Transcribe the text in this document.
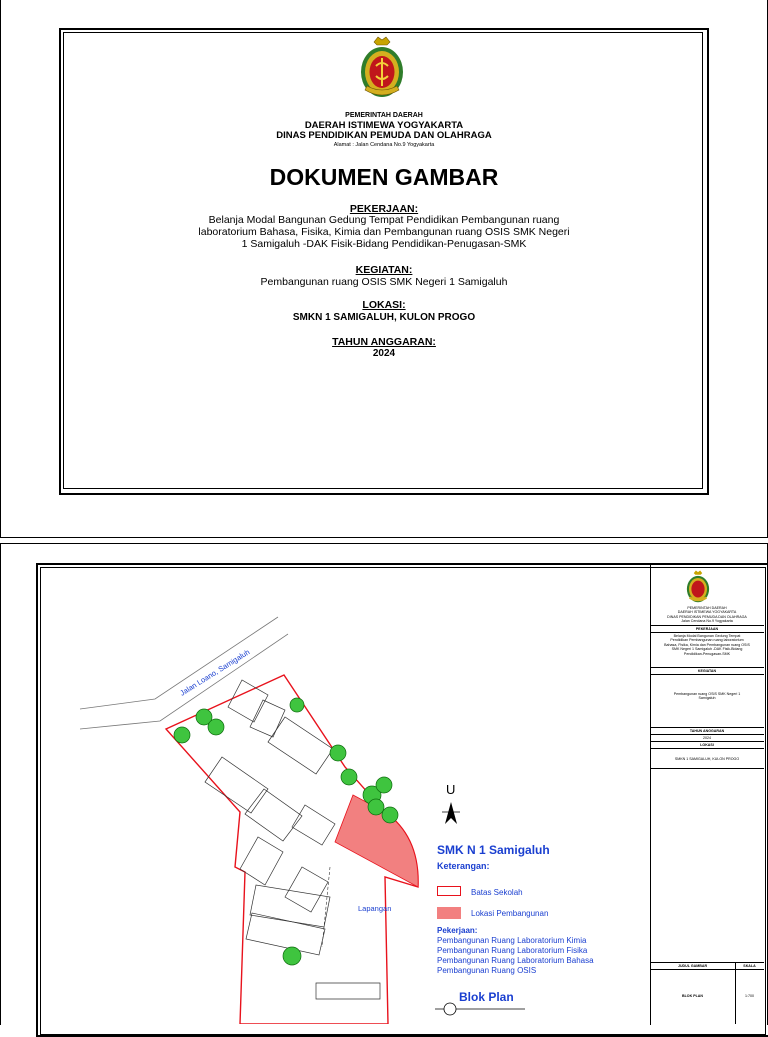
PEMERINTAH DAERAH
DAERAH ISTIMEWA YOGYAKARTA
DINAS PENDIDIKAN PEMUDA DAN OLAHRAGA
Alamat : Jalan Cendana No.9 Yogyakarta
DOKUMEN GAMBAR
PEKERJAAN:
Belanja Modal Bangunan Gedung Tempat Pendidikan Pembangunan ruang
laboratorium Bahasa, Fisika, Kimia dan Pembangunan ruang OSIS SMK Negeri
1 Samigaluh -DAK Fisik-Bidang Pendidikan-Penugasan-SMK
KEGIATAN:
Pembangunan ruang OSIS SMK Negeri 1 Samigaluh
LOKASI:
SMKN 1 SAMIGALUH, KULON PROGO
TAHUN ANGGARAN:
2024
Jalan Loano, Samigaluh
Lapangan
U
SMK N 1 Samigaluh
Keterangan:
Batas Sekolah
Lokasi Pembangunan
Pekerjaan:
Pembangunan Ruang Laboratorium Kimia
Pembangunan Ruang Laboratorium Fisika
Pembangunan Ruang Laboratorium Bahasa
Pembangunan Ruang OSIS
Blok Plan
PEMERINTAH DAERAH
DAERAH ISTIMEWA YOGYAKARTA
DINAS PENDIDIKAN PEMUDA DAN OLAHRAGA
Jalan Cendana No.9 Yogyakarta
PEKERJAAN
Belanja Modal Bangunan Gedung Tempat
Pendidikan Pembangunan ruang laboratorium
Bahasa, Fisika, Kimia dan Pembangunan ruang OSIS
SMK Negeri 1 Samigaluh -DAK Fisik-Bidang
Pendidikan-Penugasan-SMK
KEGIATAN
Pembangunan ruang OSIS SMK Negeri 1
Samigaluh
TAHUN ANGGARAN
2024
LOKASI
SMKN 1 SAMIGALUH, KULON PROGO
JUDUL GAMBAR	SKALA
BLOK PLAN	1:700
